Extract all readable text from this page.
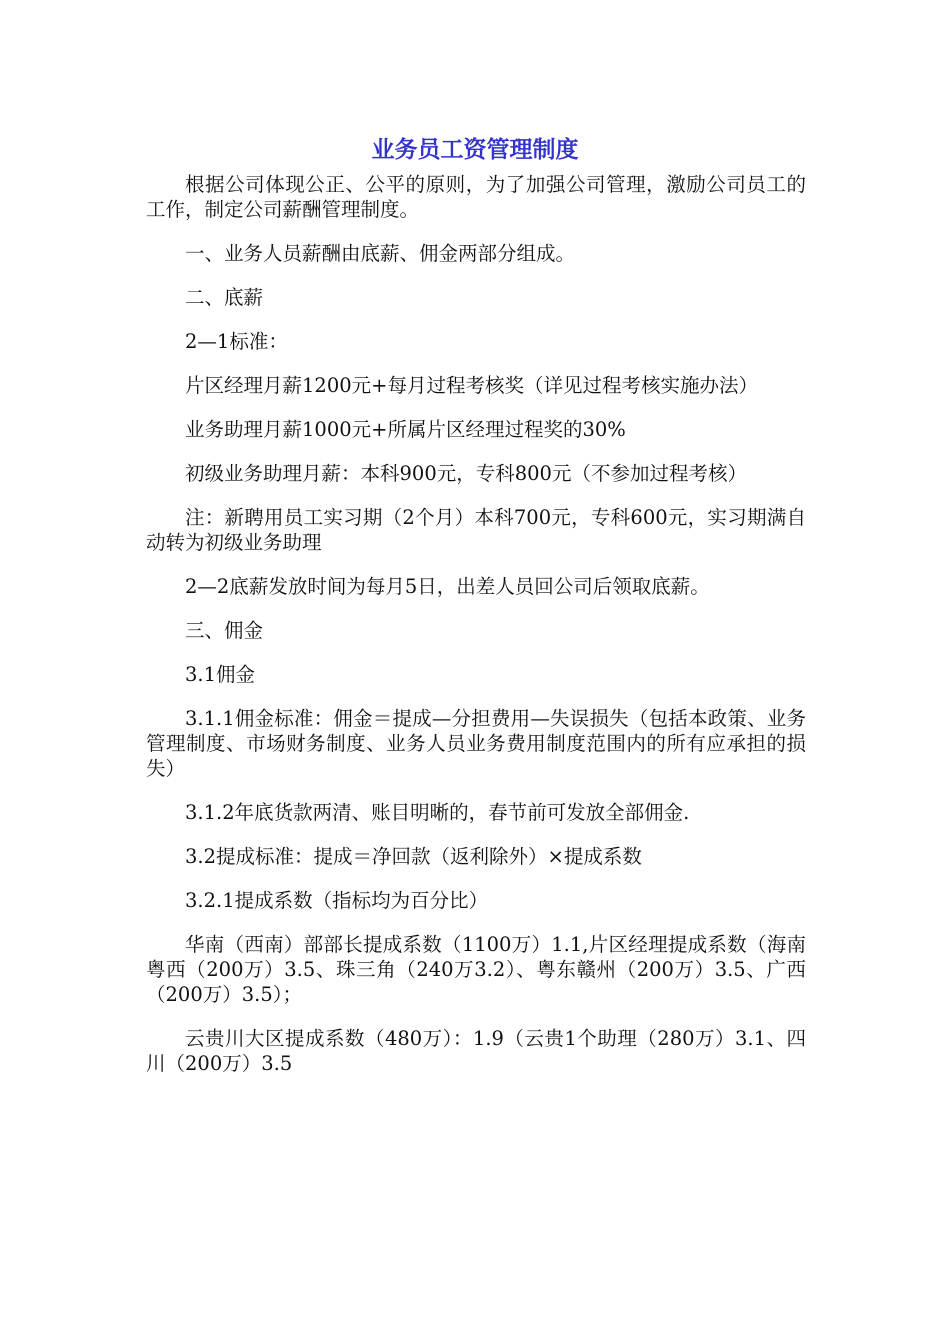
业务员工资管理制度

根据公司体现公正、公平的原则，为了加强公司管理，激励公司员工的工作，制定公司薪酬管理制度。

一、业务人员薪酬由底薪、佣金两部分组成。

二、底薪

2—1标准：

片区经理月薪1200元+每月过程考核奖（详见过程考核实施办法）

业务助理月薪1000元+所属片区经理过程奖的30%

初级业务助理月薪：本科900元，专科800元（不参加过程考核）

注：新聘用员工实习期（2个月）本科700元，专科600元，实习期满自动转为初级业务助理

2—2底薪发放时间为每月5日，出差人员回公司后领取底薪。

三、佣金

3.1佣金

3.1.1佣金标准：佣金＝提成—分担费用—失误损失（包括本政策、业务管理制度、市场财务制度、业务人员业务费用制度范围内的所有应承担的损失）

3.1.2年底货款两清、账目明晰的，春节前可发放全部佣金.

3.2提成标准：提成＝净回款（返利除外）×提成系数

3.2.1提成系数（指标均为百分比）

华南（西南）部部长提成系数（1100万）1.1,片区经理提成系数（海南粤西（200万）3.5、珠三角（240万3.2）、粤东赣州（200万）3.5、广西（200万）3.5）；

云贵川大区提成系数（480万）：1.9（云贵1个助理（280万）3.1、四川（200万）3.5
